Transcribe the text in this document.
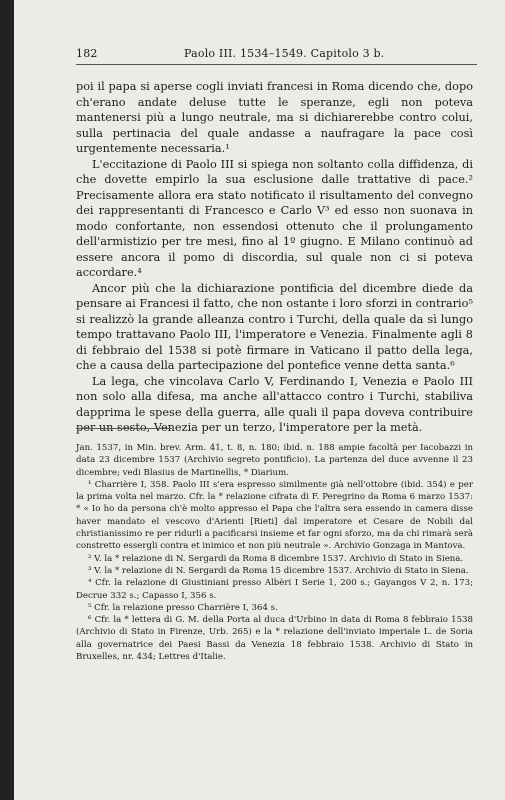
182	Paolo III. 1534–1549. Capitolo 3 b.

poi il papa si aperse cogli inviati francesi in Roma dicendo che, dopo ch'erano andate deluse tutte le speranze, egli non poteva mantenersi più a lungo neutrale, ma si dichiarerebbe contro colui, sulla pertinacia del quale andasse a naufragare la pace così urgentemente necessaria.¹

L'eccitazione di Paolo III si spiega non soltanto colla diffidenza, di che dovette empirlo la sua esclusione dalle trattative di pace.² Precisamente allora era stato notificato il risultamento del convegno dei rappresentanti di Francesco e Carlo V³ ed esso non suonava in modo confortante, non essendosi ottenuto che il prolungamento dell'armistizio per tre mesi, fino al 1º giugno. E Milano continuò ad essere ancora il pomo di discordia, sul quale non ci si poteva accordare.⁴

Ancor più che la dichiarazione pontificia del dicembre diede da pensare ai Francesi il fatto, che non ostante i loro sforzi in contrario⁵ si realizzò la grande alleanza contro i Turchi, della quale da sì lungo tempo trattavano Paolo III, l'imperatore e Venezia. Finalmente agli 8 di febbraio del 1538 si potè firmare in Vaticano il patto della lega, che a causa della partecipazione del pontefice venne detta santa.⁶

La lega, che vincolava Carlo V, Ferdinando I, Venezia e Paolo III non solo alla difesa, ma anche all'attacco contro i Turchi, stabiliva dapprima le spese della guerra, alle quali il papa doveva contribuire per un sesto, Venezia per un terzo, l'imperatore per la metà.

Jan. 1537, in Min. brev. Arm. 41, t. 8, n. 180; ibid. n. 188 ampie facoltà per Iacobazzi in data 23 dicembre 1537 (Archivio segreto pontificio). La partenza del duce avvenne il 23 dicembre; vedi Blasius de Martinellis, * Diarium.

¹ Charrière I, 358. Paolo III s'era espresso similmente già nell'ottobre (ibid. 354) e per la prima volta nel marzo. Cfr. la * relazione cifrata di F. Peregrino da Roma 6 marzo 1537: * « Io ho da persona ch'è molto appresso el Papa che l'altra sera essendo in camera disse haver mandato el vescovo d'Arienti [Rieti] dal imperatore et Cesare de Nobili dal christianissimo re per ridurli a pacificarsi insieme et far ogni sforzo, ma da chi rimarà serà constretto essergli contra et inimico et non più neutrale ». Archivio Gonzaga in Mantova.

² V. la * relazione di N. Sergardi da Roma 8 dicembre 1537. Archivio di Stato in Siena.

³ V. la * relazione di N. Sergardi da Roma 15 dicembre 1537. Archivio di Stato in Siena.

⁴ Cfr. la relazione di Giustiniani presso Albèri I Serie 1, 200 s.; Gayangos V 2, n. 173; Decrue 332 s.; Capasso I, 356 s.

⁵ Cfr. la relazione presso Charrière I, 364 s.

⁶ Cfr. la * lettera di G. M. della Porta al duca d'Urbino in data di Roma 8 febbraio 1538 (Archivio di Stato in Firenze, Urb. 265) e la * relazione dell'inviato imperiale L. de Soria alla governatrice dei Paesi Bassi da Venezia 18 febbraio 1538. Archivio di Stato in Bruxelles, nr. 434; Lettres d'Italie.
